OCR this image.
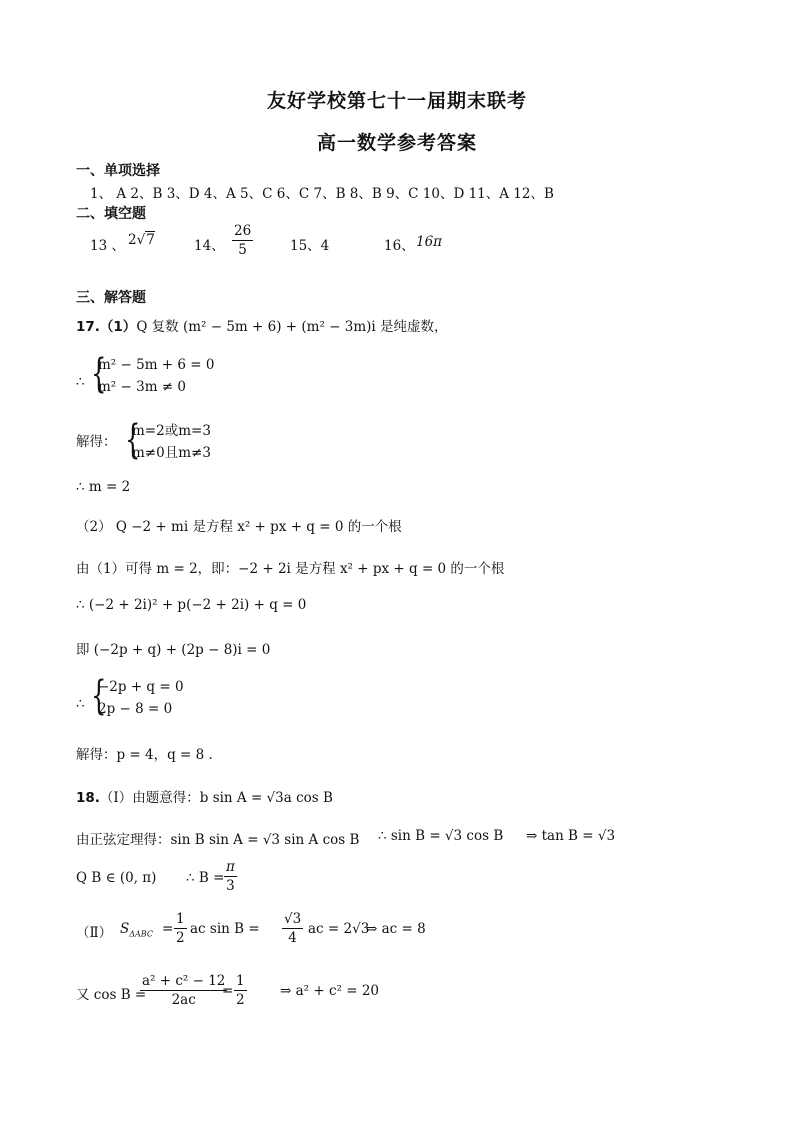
友好学校第七十一届期末联考
高一数学参考答案
一、单项选择
1、 A 2、B 3、D 4、A 5、C 6、C 7、B 8、B 9、C 10、D 11、A 12、B
二、填空题
13 、 2√7	14、 $\frac{26}{5}$	15、4	16、 16π
三、解答题
17.（1）Q 复数 (m² − 5m + 6) + (m² − 3m)i 是纯虚数，
∴ {
m² − 5m + 6 = 0
m² − 3m ≠ 0
解得： {
m=2或m=3
m≠0且m≠3
∴ m = 2
（2） Q −2 + mi 是方程 x² + px + q = 0 的一个根
由（1）可得 m = 2，即：−2 + 2i 是方程 x² + px + q = 0 的一个根
∴ (−2 + 2i)² + p(−2 + 2i) + q = 0
即 (−2p + q) + (2p − 8)i = 0
∴ {
−2p + q = 0
2p − 8 = 0
解得：p = 4，q = 8 .
18.（Ⅰ）由题意得：b sin A = √3a cos B
由正弦定理得：sin B sin A = √3 sin A cos B ∴ sin B = √3 cos B ⇒ tan B = √3
Q B ∈ (0, π) ∴ $B = \frac{\pi}{3}$
（Ⅱ） $S_{\Delta ABC} = \frac{1}{2}$ ac $\sin B = \frac{√3}{4}$ ac = 2√3
⇒ ac = 8
又 cos B =
$\frac{\text{a² + c² − 12}}{2ac}$
= $\frac{1}{2}$ ⇒ a² + c² = 20
